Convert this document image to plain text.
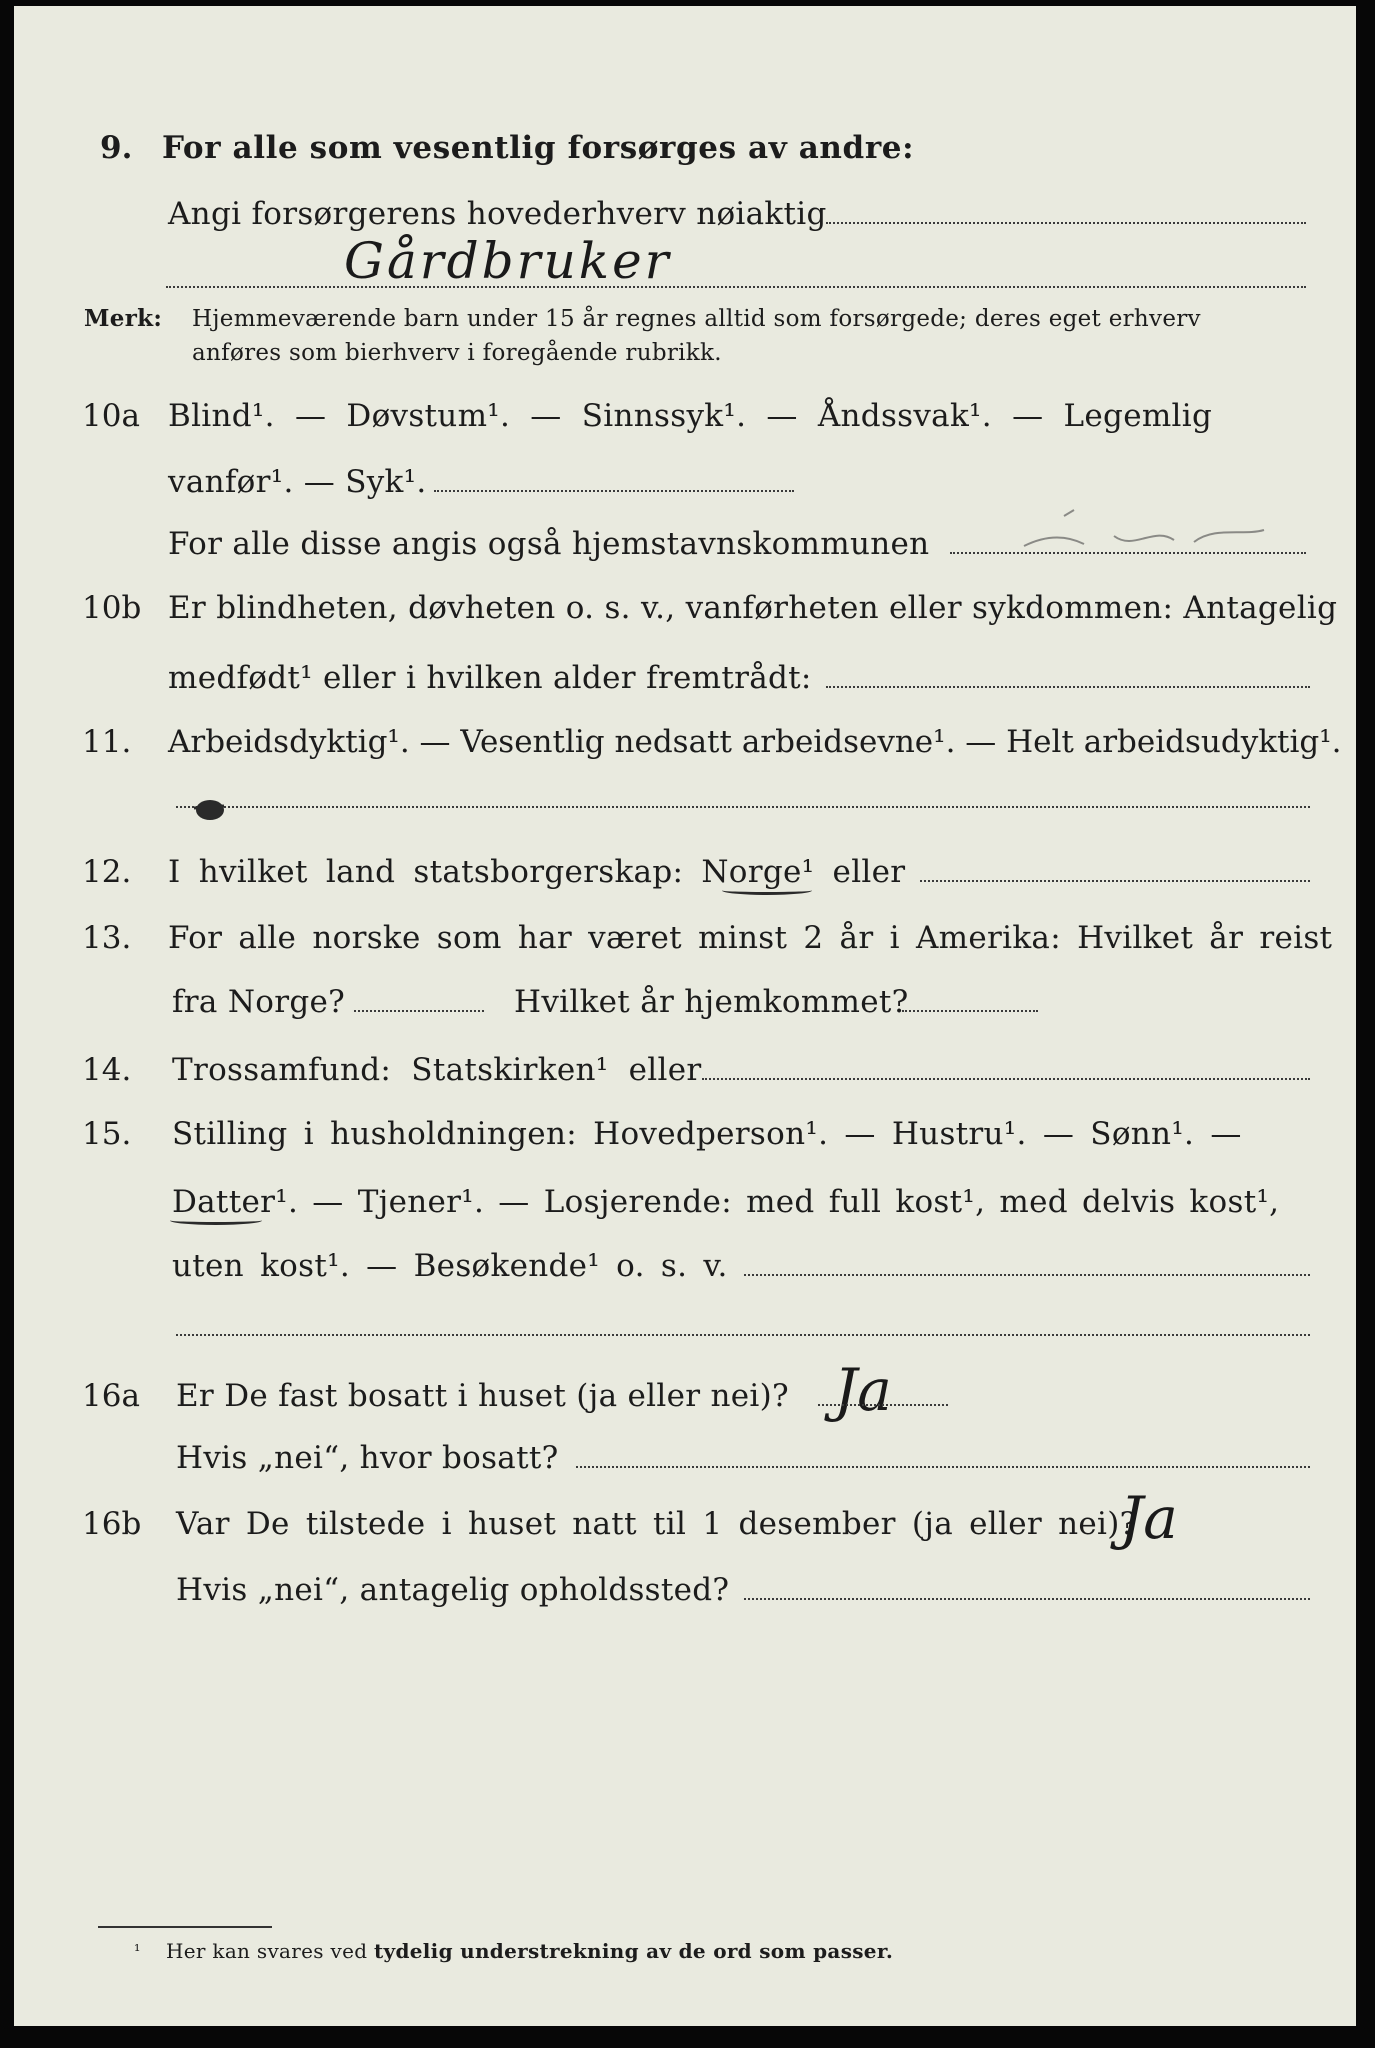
9. For alle som vesentlig forsørges av andre:
Angi forsørgerens hovederhverv nøiaktig
Gårdbruker
Merk: Hjemmeværende barn under 15 år regnes alltid som forsørgede; deres eget erhverv
anføres som bierhverv i foregående rubrikk.
10a Blind¹. — Døvstum¹. — Sinnssyk¹. — Åndssvak¹. — Legemlig
vanfør¹. — Syk¹.
For alle disse angis også hjemstavnskommunen
10b Er blindheten, døvheten o. s. v., vanførheten eller sykdommen: Antagelig
medfødt¹ eller i hvilken alder fremtrådt:
11. Arbeidsdyktig¹. — Vesentlig nedsatt arbeidsevne¹. — Helt arbeidsudyktig¹.
12. I hvilket land statsborgerskap: Norge¹ eller
13. For alle norske som har været minst 2 år i Amerika: Hvilket år reist
fra Norge?	Hvilket år hjemkommet?
14. Trossamfund: Statskirken¹ eller
15. Stilling i husholdningen: Hovedperson¹. — Hustru¹. — Sønn¹. —
Datter¹. — Tjener¹. — Losjerende: med full kost¹, med delvis kost¹,
uten kost¹. — Besøkende¹ o. s. v.
16a Er De fast bosatt i huset (ja eller nei)? Ja
Hvis „nei“, hvor bosatt?
16b Var De tilstede i huset natt til 1 desember (ja eller nei)?
Ja
Hvis „nei“, antagelig opholdssted?
¹ Her kan svares ved tydelig understrekning av de ord som passer.
